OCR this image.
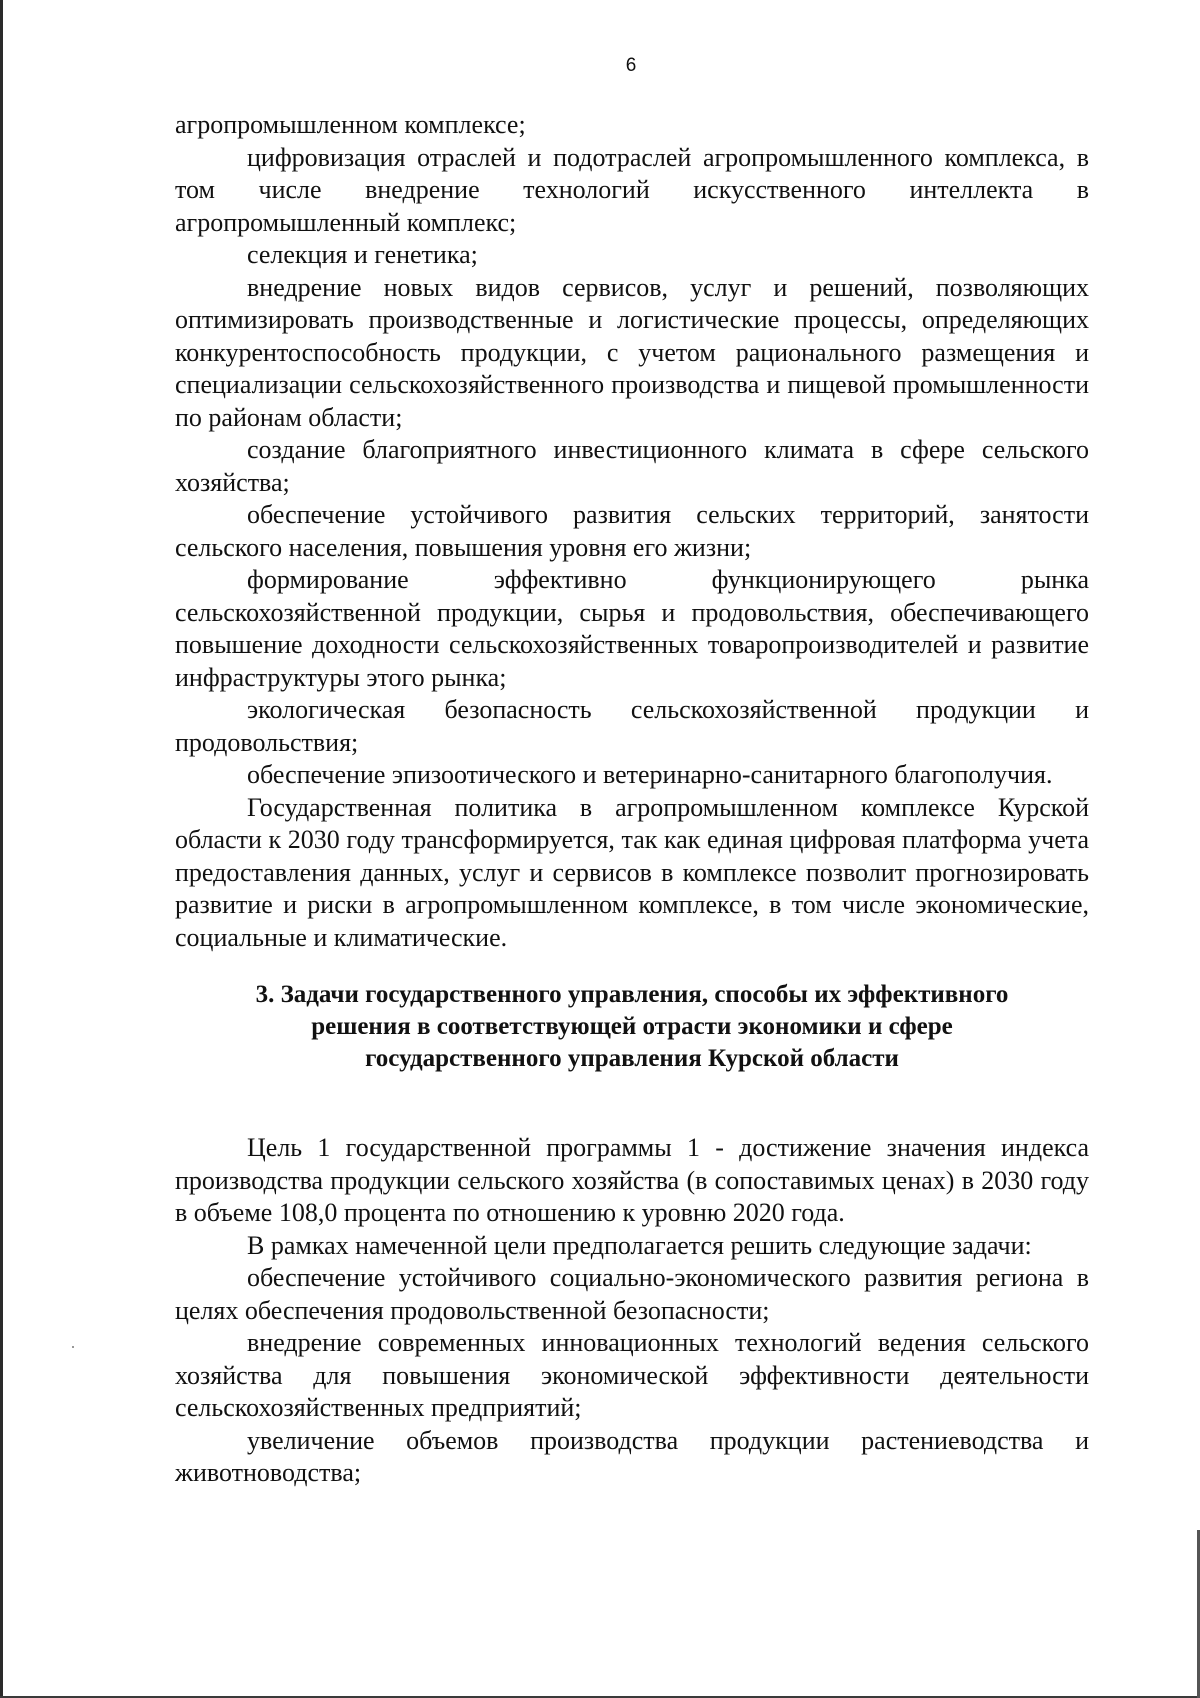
6

агропромышленном комплексе;

цифровизация отраслей и подотраслей агропромышленного комплекса, в том числе внедрение технологий искусственного интеллекта в агропромышленный комплекс;

селекция и генетика;

внедрение новых видов сервисов, услуг и решений, позволяющих оптимизировать производственные и логистические процессы, определяющих конкурентоспособность продукции, с учетом рационального размещения и специализации сельскохозяйственного производства и пищевой промышленности по районам области;

создание благоприятного инвестиционного климата в сфере сельского хозяйства;

обеспечение устойчивого развития сельских территорий, занятости сельского населения, повышения уровня его жизни;

формирование эффективно функционирующего рынка сельскохозяйственной продукции, сырья и продовольствия, обеспечивающего повышение доходности сельскохозяйственных товаропроизводителей и развитие инфраструктуры этого рынка;

экологическая безопасность сельскохозяйственной продукции и продовольствия;

обеспечение эпизоотического и ветеринарно-санитарного благополучия.

Государственная политика в агропромышленном комплексе Курской области к 2030 году трансформируется, так как единая цифровая платформа учета предоставления данных, услуг и сервисов в комплексе позволит прогнозировать развитие и риски в агропромышленном комплексе, в том числе экономические, социальные и климатические.

3. Задачи государственного управления, способы их эффективного

решения в соответствующей отрасти экономики и сфере

государственного управления Курской области

Цель 1 государственной программы 1 - достижение значения индекса производства продукции сельского хозяйства (в сопоставимых ценах) в 2030 году в объеме 108,0 процента по отношению к уровню 2020 года.

В рамках намеченной цели предполагается решить следующие задачи:

обеспечение устойчивого социально-экономического развития региона в целях обеспечения продовольственной безопасности;

внедрение современных инновационных технологий ведения сельского хозяйства для повышения экономической эффективности деятельности сельскохозяйственных предприятий;

увеличение объемов производства продукции растениеводства и животноводства;
